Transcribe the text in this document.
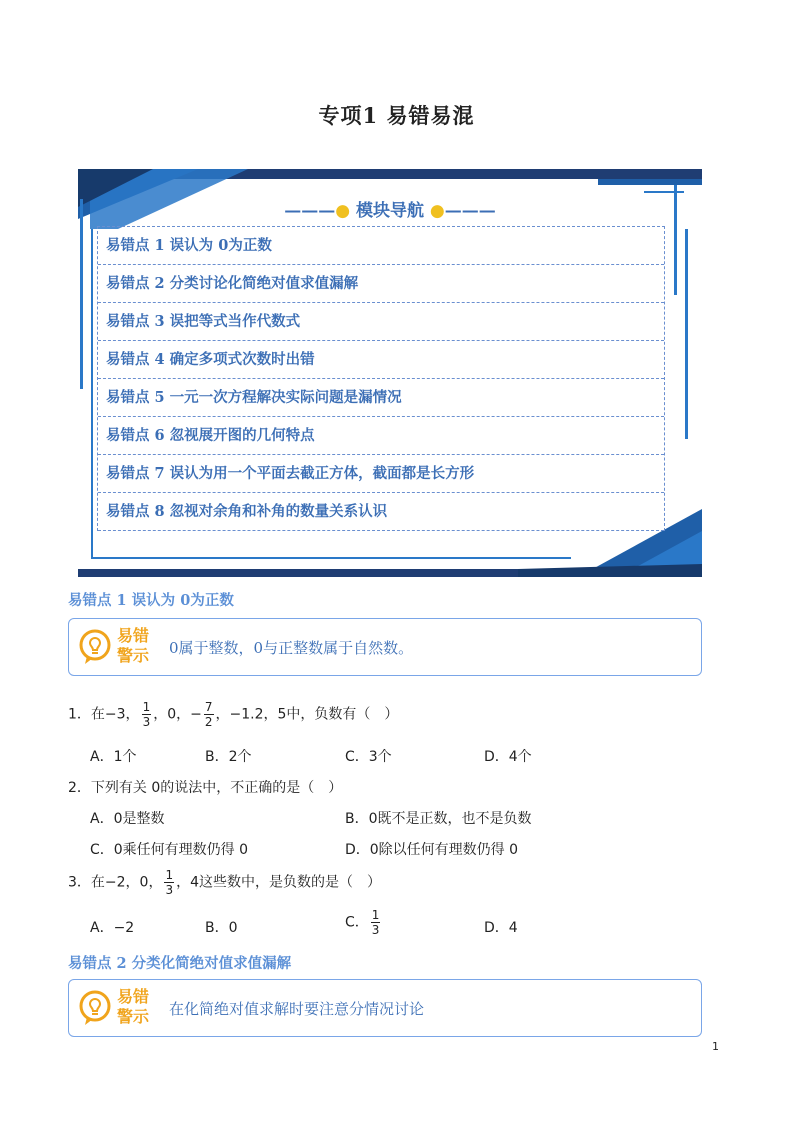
专项1 易错易混
———● 模块导航 ●———
易错点 1 误认为 0为正数
易错点 2 分类讨论化简绝对值求值漏解
易错点 3 误把等式当作代数式
易错点 4 确定多项式次数时出错
易错点 5 一元一次方程解决实际问题是漏情况
易错点 6 忽视展开图的几何特点
易错点 7 误认为用一个平面去截正方体，截面都是长方形
易错点 8 忽视对余角和补角的数量关系认识
易错点 1 误认为 0为正数
易错警示	0属于整数，0与正整数属于自然数。
1．在−3， $\frac{1}{3}$ ，0，− $\frac{7}{2}$ ，−1.2，5中，负数有（　）
A．1个	B．2个	C．3个	D．4个
2．下列有关 0的说法中，不正确的是（　）
A．0是整数	B．0既不是正数，也不是负数
C．0乘任何有理数仍得 0	D．0除以任何有理数仍得 0
3．在−2，0， $\frac{1}{3}$ ，4这些数中，是负数的是（　）
A．−2	B．0	C． $\frac{1}{3}$	D．4
易错点 2 分类化简绝对值求值漏解
易错警示	在化简绝对值求解时要注意分情况讨论
1
